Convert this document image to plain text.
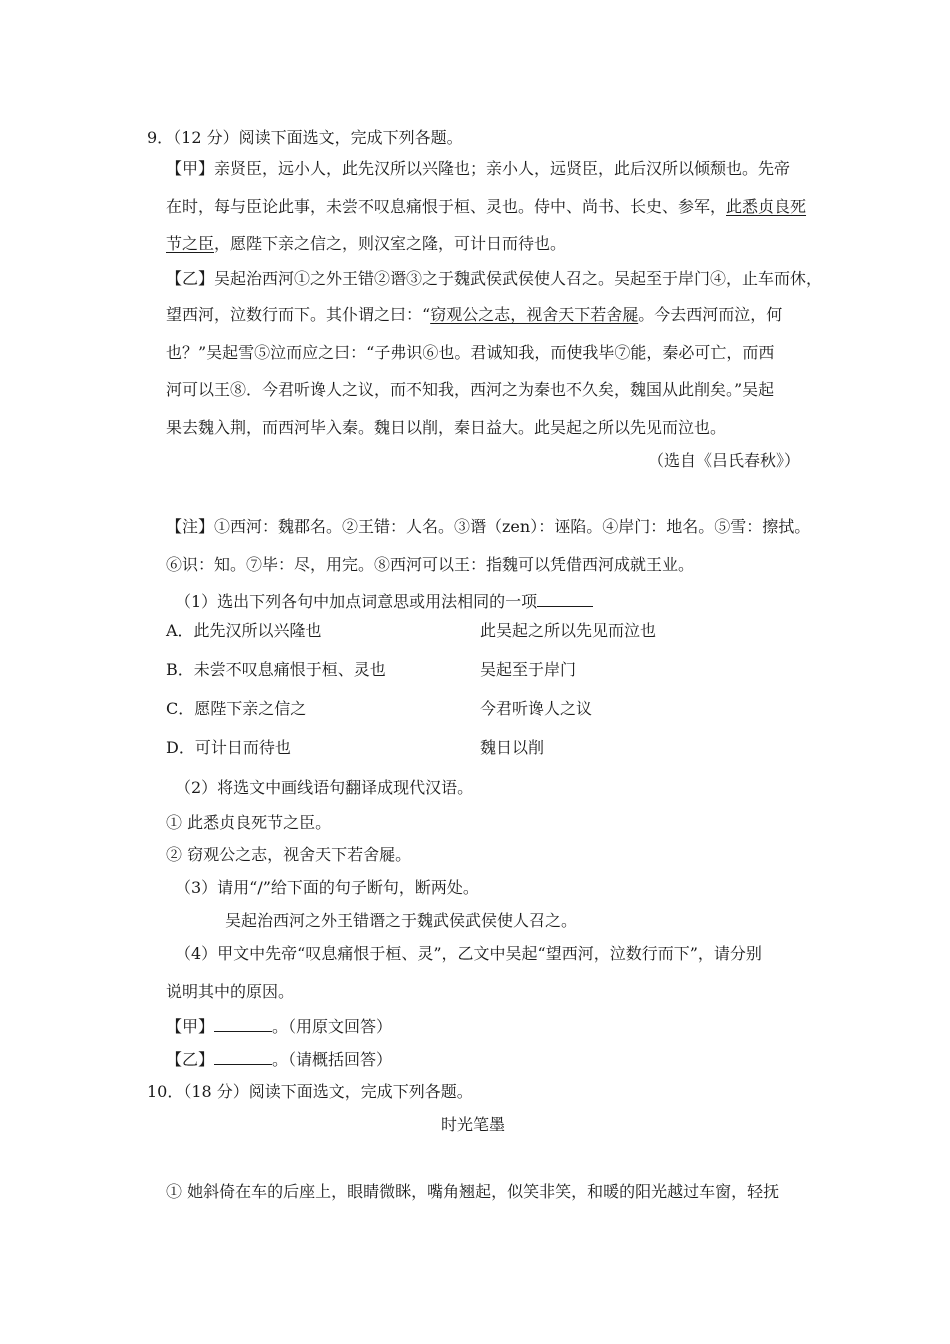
9．（12 分）阅读下面选文，完成下列各题。
【甲】亲贤臣，远小人，此先汉所以兴隆也；亲小人，远贤臣，此后汉所以倾颓也。先帝
在时，每与臣论此事，未尝不叹息痛恨于桓、灵也。侍中、尚书、长史、参军，此悉贞良死
节之臣，愿陛下亲之信之，则汉室之隆，可计日而待也。
【乙】吴起治西河①之外王错②谮③之于魏武侯武侯使人召之。吴起至于岸门④，止车而休，
望西河，泣数行而下。其仆谓之曰：“窃观公之志，视舍天下若舍屣。今去西河而泣，何
也？”吴起雪⑤泣而应之曰：“子弗识⑥也。君诚知我，而使我毕⑦能，秦必可亡，而西
河可以王⑧．今君听谗人之议，而不知我，西河之为秦也不久矣，魏国从此削矣。”吴起
果去魏入荆，而西河毕入秦。魏日以削，秦日益大。此吴起之所以先见而泣也。
（选自《吕氏春秋》）
【注】①西河：魏郡名。②王错：人名。③谮（zen）：诬陷。④岸门：地名。⑤雪：擦拭。
⑥识：知。⑦毕：尽，用完。⑧西河可以王：指魏可以凭借西河成就王业。
（1）选出下列各句中加点词意思或用法相同的一项
A．此先汉所以兴隆也	此吴起之所以先见而泣也
B．未尝不叹息痛恨于桓、灵也	吴起至于岸门
C．愿陛下亲之信之	今君听谗人之议
D．可计日而待也	魏日以削
（2）将选文中画线语句翻译成现代汉语。
① 此悉贞良死节之臣。
② 窃观公之志，视舍天下若舍屣。
（3）请用“/”给下面的句子断句，断两处。
吴起治西河之外王错谮之于魏武侯武侯使人召之。
（4）甲文中先帝“叹息痛恨于桓、灵”，乙文中吴起“望西河，泣数行而下”，请分别
说明其中的原因。
【甲】	。（用原文回答）
【乙】	。（请概括回答）
10．（18 分）阅读下面选文，完成下列各题。
时光笔墨
① 她斜倚在车的后座上，眼睛微眯，嘴角翘起，似笑非笑，和暖的阳光越过车窗，轻抚
